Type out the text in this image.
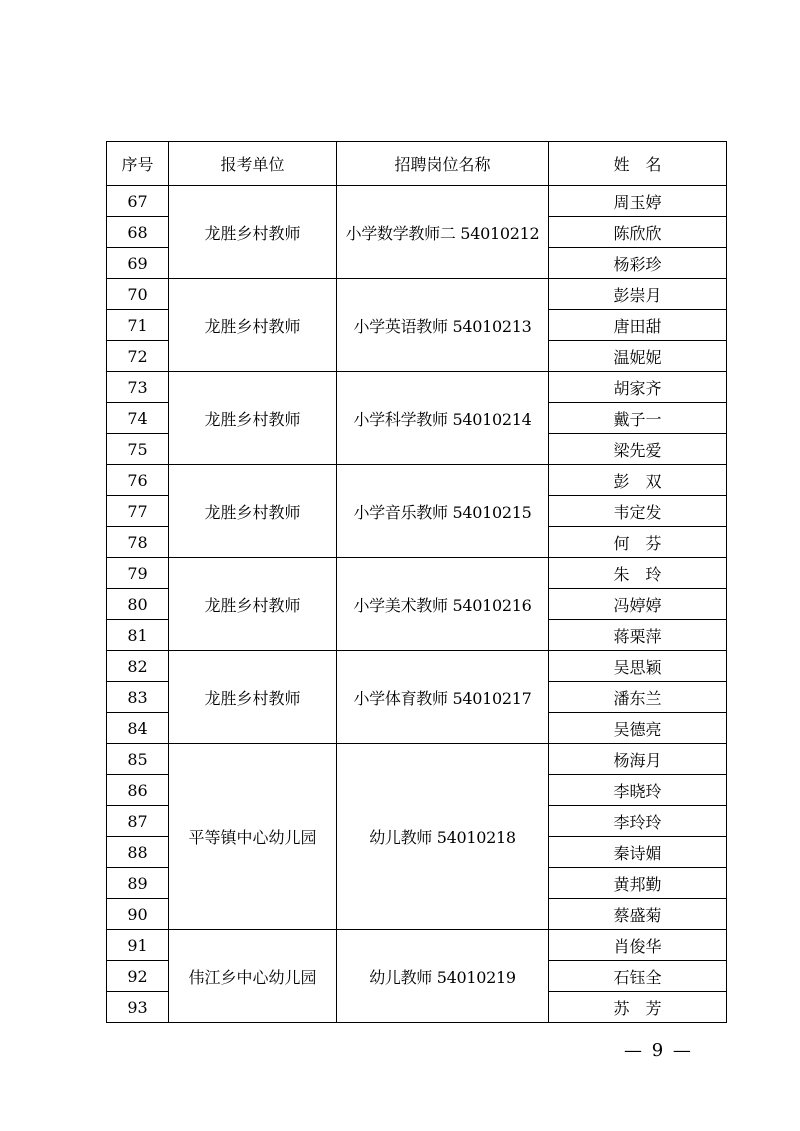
序号	报考单位	招聘岗位名称	姓　名
67	龙胜乡村教师	小学数学教师二 54010212	周玉婷
68			陈欣欣
69			杨彩珍
70	龙胜乡村教师	小学英语教师 54010213	彭崇月
71			唐田甜
72			温妮妮
73	龙胜乡村教师	小学科学教师 54010214	胡家齐
74			戴子一
75			梁先爱
76	龙胜乡村教师	小学音乐教师 54010215	彭　双
77			韦定发
78			何　芬
79	龙胜乡村教师	小学美术教师 54010216	朱　玲
80			冯婷婷
81			蒋栗萍
82	龙胜乡村教师	小学体育教师 54010217	吴思颖
83			潘东兰
84			吴德亮
85	平等镇中心幼儿园	幼儿教师 54010218	杨海月
86			李晓玲
87			李玲玲
88			秦诗媚
89			黄邦勤
90			蔡盛菊
91	伟江乡中心幼儿园	幼儿教师 54010219	肖俊华
92			石钰全
93			苏　芳
— 9 —
